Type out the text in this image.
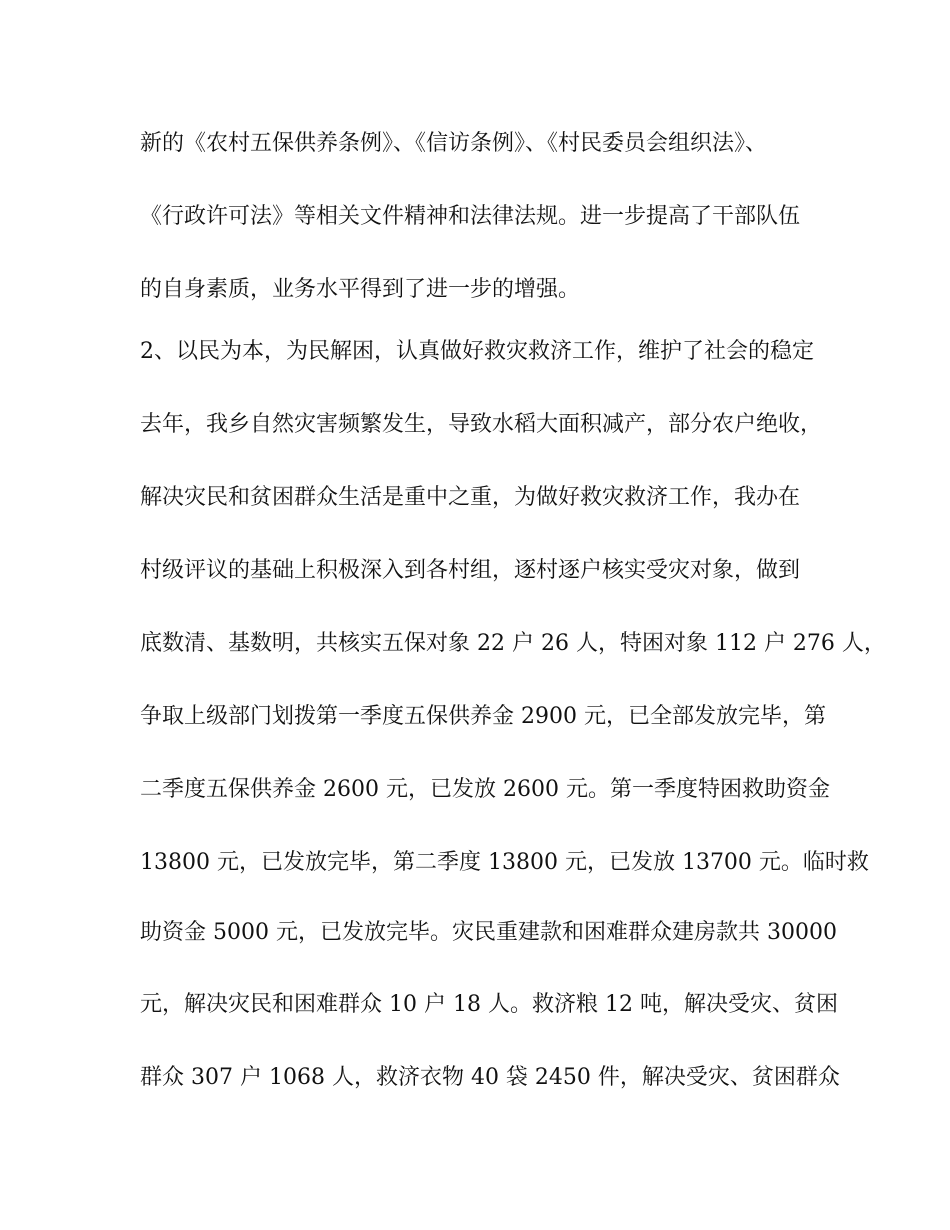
新的《农村五保供养条例》、《信访条例》、《村民委员会组织法》、
《行政许可法》等相关文件精神和法律法规。进一步提高了干部队伍
的自身素质，业务水平得到了进一步的增强。
2、以民为本，为民解困，认真做好救灾救济工作，维护了社会的稳定
去年，我乡自然灾害频繁发生，导致水稻大面积减产，部分农户绝收，
解决灾民和贫困群众生活是重中之重，为做好救灾救济工作，我办在
村级评议的基础上积极深入到各村组，逐村逐户核实受灾对象，做到
底数清、基数明，共核实五保对象 22 户 26 人，特困对象 112 户 276 人，
争取上级部门划拨第一季度五保供养金 2900 元，已全部发放完毕，第
二季度五保供养金 2600 元，已发放 2600 元。第一季度特困救助资金
13800 元，已发放完毕，第二季度 13800 元，已发放 13700 元。临时救
助资金 5000 元，已发放完毕。灾民重建款和困难群众建房款共 30000
元，解决灾民和困难群众 10 户 18 人。救济粮 12 吨，解决受灾、贫困
群众 307 户 1068 人，救济衣物 40 袋 2450 件，解决受灾、贫困群众
